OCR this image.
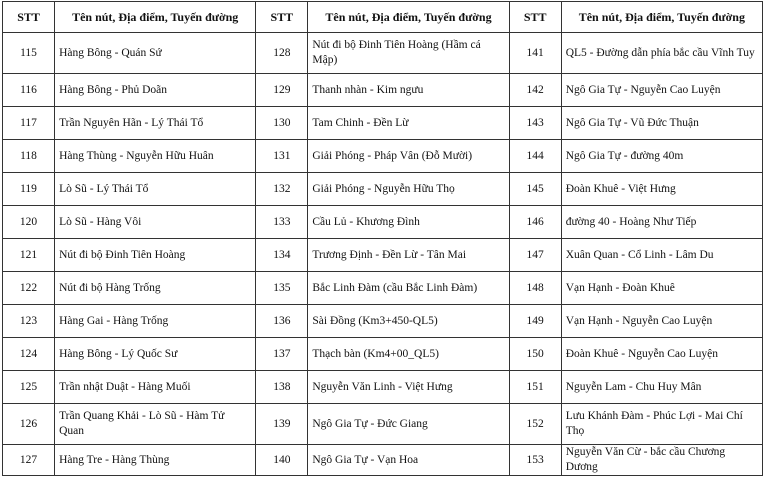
STT	Tên nút, Địa điểm, Tuyến đường	STT	Tên nút, Địa điểm, Tuyến đường	STT	Tên nút, Địa điểm, Tuyến đường
115	Hàng Bông - Quán Sứ	128	Nút đi bộ Đinh Tiên Hoàng (Hầm cá Mập)	141	QL5 - Đường dẫn phía bắc cầu Vĩnh Tuy
116	Hàng Bông - Phủ Doãn	129	Thanh nhàn - Kim ngưu	142	Ngô Gia Tự - Nguyễn Cao Luyện
117	Trần Nguyên Hãn - Lý Thái Tổ	130	Tam Chinh - Đền Lừ	143	Ngô Gia Tự - Vũ Đức Thuận
118	Hàng Thùng - Nguyễn Hữu Huân	131	Giải Phóng - Pháp Vân (Đỗ Mười)	144	Ngô Gia Tự - đường 40m
119	Lò Sũ - Lý Thái Tổ	132	Giải Phóng - Nguyễn Hữu Thọ	145	Đoàn Khuê - Việt Hưng
120	Lò Sũ - Hàng Vôi	133	Cầu Lủ - Khương Đình	146	đường 40 - Hoàng Như Tiếp
121	Nút đi bộ Đinh Tiên Hoàng	134	Trương Định - Đền Lừ - Tân Mai	147	Xuân Quan - Cổ Linh - Lâm Du
122	Nút đi bộ Hàng Trống	135	Bắc Linh Đàm (cầu Bắc Linh Đàm)	148	Vạn Hạnh - Đoàn Khuê
123	Hàng Gai - Hàng Trống	136	Sài Đồng (Km3+450-QL5)	149	Vạn Hạnh - Nguyễn Cao Luyện
124	Hàng Bông - Lý Quốc Sư	137	Thạch bàn (Km4+00_QL5)	150	Đoàn Khuê - Nguyễn Cao Luyện
125	Trần nhật Duật - Hàng Muối	138	Nguyễn Văn Linh - Việt Hưng	151	Nguyễn Lam - Chu Huy Mân
126	Trần Quang Khải - Lò Sũ - Hàm Tử Quan	139	Ngô Gia Tự - Đức Giang	152	Lưu Khánh Đàm - Phúc Lợi - Mai Chí Thọ
127	Hàng Tre - Hàng Thùng	140	Ngô Gia Tự - Vạn Hoa	153	Nguyễn Văn Cừ - bắc cầu Chương Dương
